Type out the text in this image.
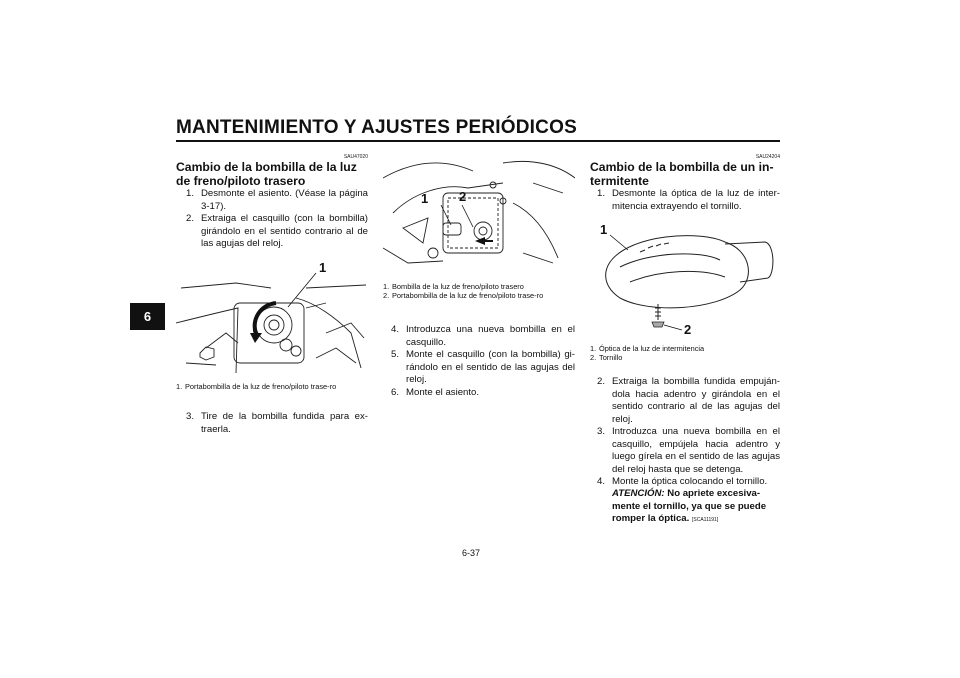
MANTENIMIENTO Y AJUSTES PERIÓDICOS
6
SAU47020
Cambio de la bombilla de la luz
de freno/piloto trasero
1. Desmonte el asiento. (Véase la página 3-17).
2. Extraiga el casquillo (con la bombilla) girándolo en el sentido contrario al de las agujas del reloj.
1
1. Portabombilla de la luz de freno/piloto trase-ro
3. Tire de la bombilla fundida para ex-traerla.
1 2
1. Bombilla de la luz de freno/piloto trasero
2. Portabombilla de la luz de freno/piloto trase-ro
4. Introduzca una nueva bombilla en el casquillo.
5. Monte el casquillo (con la bombilla) gi-rándolo en el sentido de las agujas del reloj.
6. Monte el asiento.
SAU24204
Cambio de la bombilla de un in-
termitente
1. Desmonte la óptica de la luz de inter-mitencia extrayendo el tornillo.
1
2
1. Óptica de la luz de intermitencia
2. Tornillo
2. Extraiga la bombilla fundida empuján-dola hacia adentro y girándola en el sentido contrario al de las agujas del reloj.
3. Introduzca una nueva bombilla en el casquillo, empújela hacia adentro y luego gírela en el sentido de las agujas del reloj hasta que se detenga.
4. Monte la óptica colocando el tornillo.
ATENCIÓN: No apriete excesiva-mente el tornillo, ya que se puede romper la óptica. [SCA11191]
6-37
